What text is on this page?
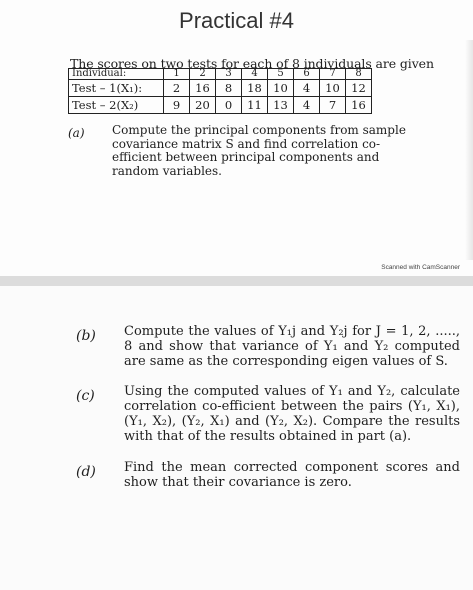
Practical #4
The scores on two tests for each of 8 individuals are given
Individual:	1	2	3	4	5	6	7	8
Test – 1(X₁):	2	16	8	18	10	4	10	12
Test – 2(X₂)	9	20	0	11	13	4	7	16
(a) Compute the principal components from sample covariance matrix S and find correlation co-efficient between principal components and random variables.
Scanned with CamScanner
(b) Compute the values of Y₁j and Y₂j for J = 1, 2, ....., 8 and show that variance of Y₁ and Y₂ computed are same as the corresponding eigen values of S.
(c) Using the computed values of Y₁ and Y₂, calculate correlation co-efficient between the pairs (Y₁, X₁), (Y₁, X₂), (Y₂, X₁) and (Y₂, X₂). Compare the results with that of the results obtained in part (a).
(d) Find the mean corrected component scores and show that their covariance is zero.
